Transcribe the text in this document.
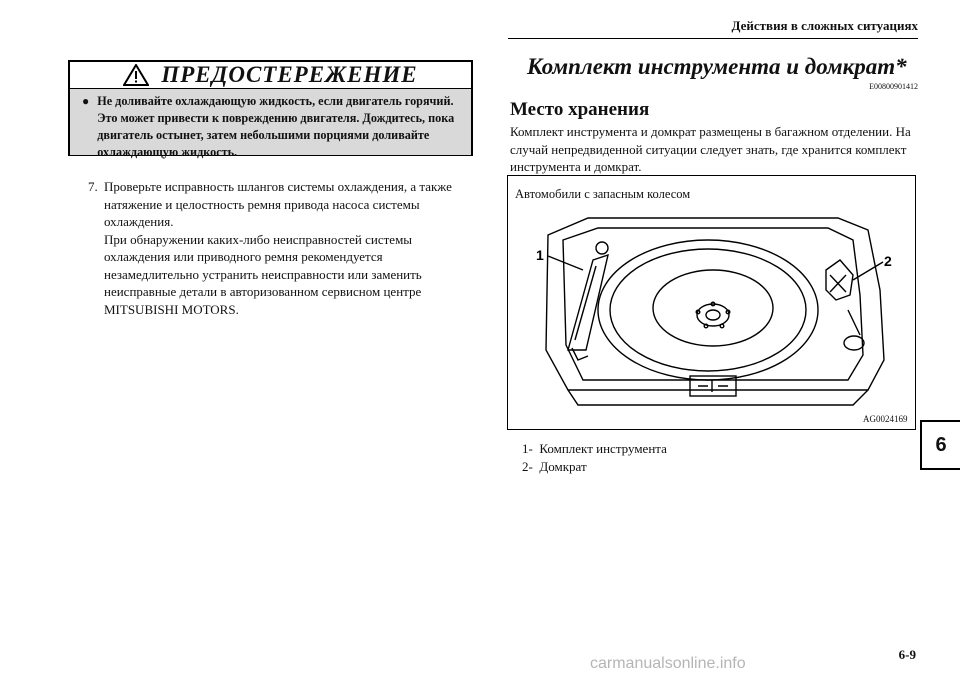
Действия в сложных ситуациях
ПРЕДОСТЕРЕЖЕНИЕ
● Не доливайте охлаждающую жидкость, если двигатель горячий. Это может привести к повреждению двигателя. Дождитесь, пока двигатель остынет, затем небольшими порциями доливайте охлаждающую жидкость.
7. Проверьте исправность шлангов системы охлаждения, а также натяжение и целостность ремня привода насоса системы охлаждения.
При обнаружении каких-либо неисправностей системы охлаждения или приводного ремня рекомендуется незамедлительно устранить неисправности или заменить неисправные детали в авторизованном сервисном центре MITSUBISHI MOTORS.
Комплект инструмента и домкрат*
E00800901412
Место хранения
Комплект инструмента и домкрат размещены в багажном отделении. На случай непредвиденной ситуации следует знать, где хранится комплект инструмента и домкрат.
Автомобили с запасным колесом
1	2
AG0024169
1- Комплект инструмента
2- Домкрат
6
6-9
carmanualsonline.info
